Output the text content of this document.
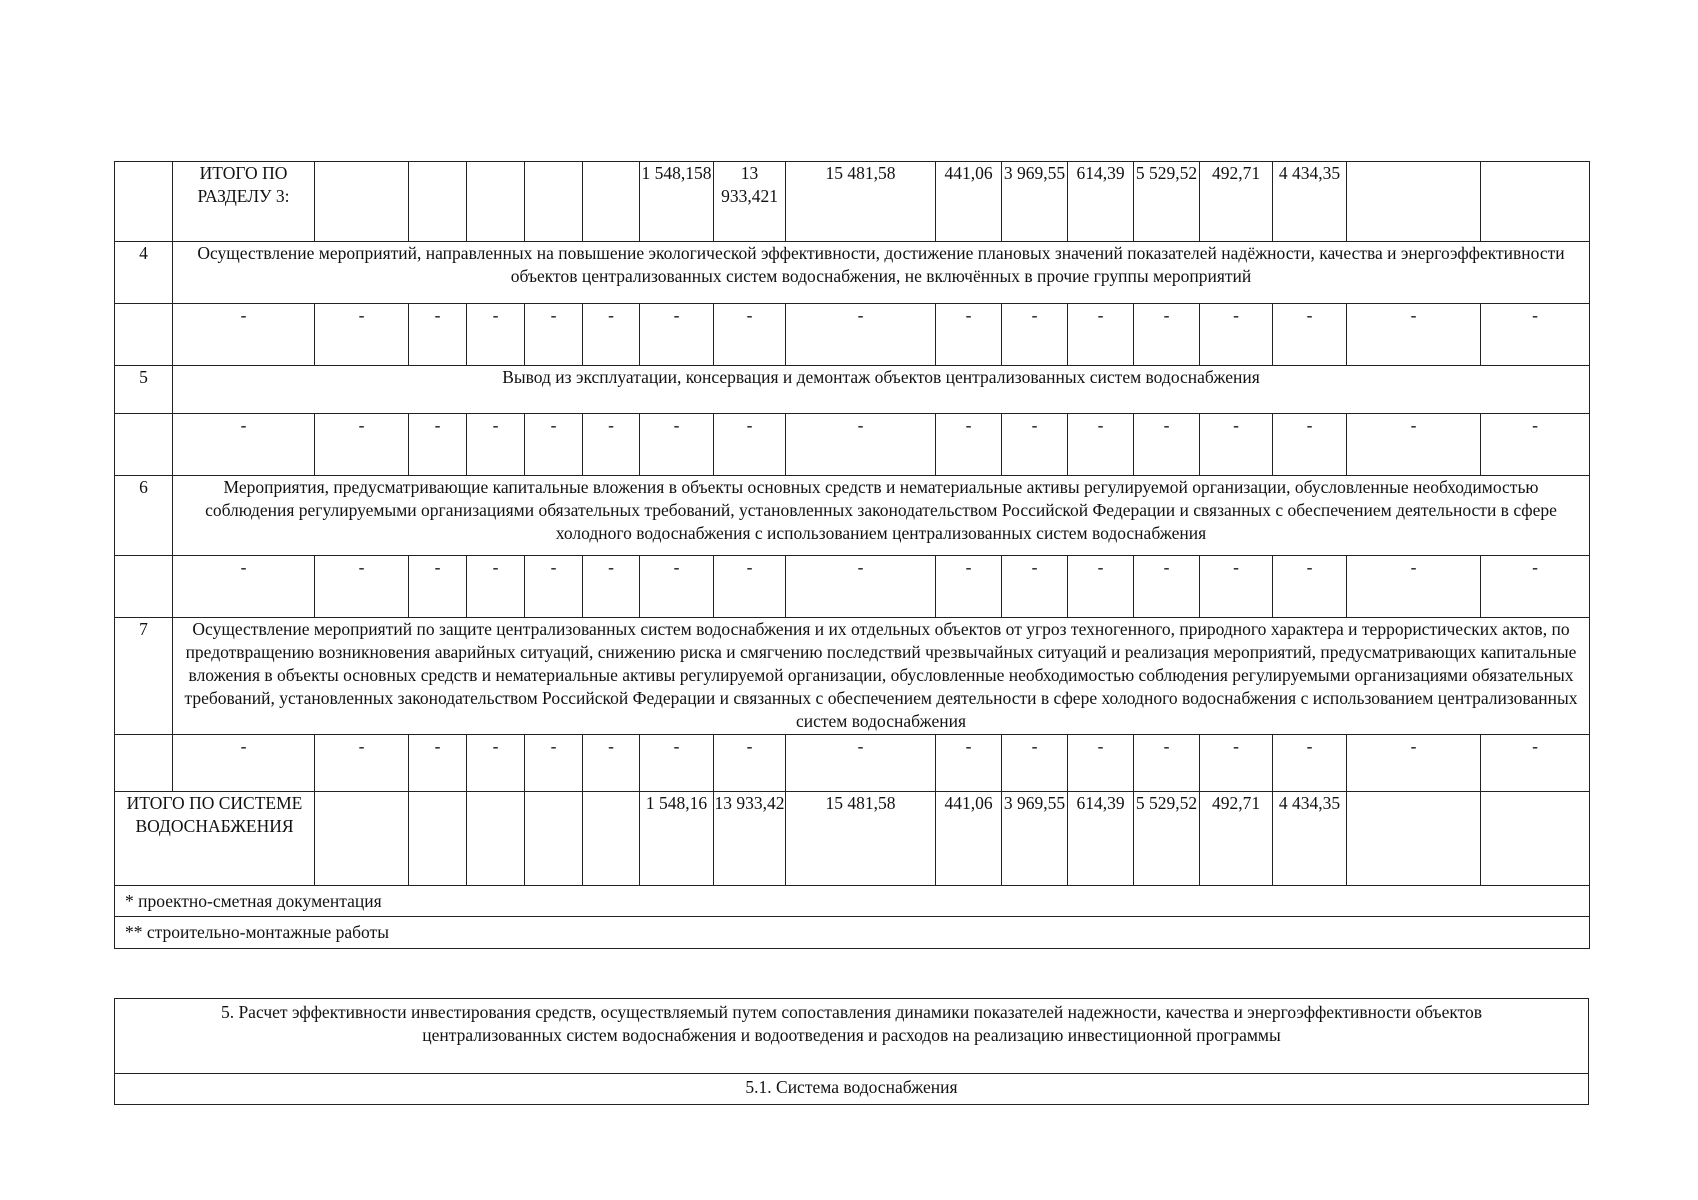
	ИТОГО ПО РАЗДЕЛУ 3:						1 548,158	13 933,421	15 481,58	441,06	3 969,55	614,39	5 529,52	492,71	4 434,35		
4	Осуществление мероприятий, направленных на повышение экологической эффективности, достижение плановых значений показателей надёжности, качества и энергоэффективности объектов централизованных систем водоснабжения, не включённых в прочие группы мероприятий																
	-	-	-	-	-	-	-	-	-	-	-	-	-	-	-	-	-
5	Вывод из эксплуатации, консервация и демонтаж объектов централизованных систем водоснабжения																
	-	-	-	-	-	-	-	-	-	-	-	-	-	-	-	-	-
6	Мероприятия, предусматривающие капитальные вложения в объекты основных средств и нематериальные активы регулируемой организации, обусловленные необходимостью соблюдения регулируемыми организациями обязательных требований, установленных законодательством Российской Федерации и связанных с обеспечением деятельности в сфере холодного водоснабжения с использованием централизованных систем водоснабжения																
	-	-	-	-	-	-	-	-	-	-	-	-	-	-	-	-	-
7	Осуществление мероприятий по защите централизованных систем водоснабжения и их отдельных объектов от угроз техногенного, природного характера и террористических актов, по предотвращению возникновения аварийных ситуаций, снижению риска и смягчению последствий чрезвычайных ситуаций и реализация мероприятий, предусматривающих капитальные вложения в объекты основных средств и нематериальные активы регулируемой организации, обусловленные необходимостью соблюдения регулируемыми организациями обязательных требований, установленных законодательством Российской Федерации и связанных с обеспечением деятельности в сфере холодного водоснабжения с использованием централизованных систем водоснабжения																
	-	-	-	-	-	-	-	-	-	-	-	-	-	-	-	-	-
ИТОГО ПО СИСТЕМЕ ВОДОСНАБЖЕНИЯ							1 548,16	13 933,42	15 481,58	441,06	3 969,55	614,39	5 529,52	492,71	4 434,35		
* проектно-сметная документация																	
** строительно-монтажные работы																	
5. Расчет эффективности инвестирования средств, осуществляемый путем сопоставления динамики показателей надежности, качества и энергоэффективности объектов централизованных систем водоснабжения и водоотведения и расходов на реализацию инвестиционной программы
5.1. Система водоснабжения
